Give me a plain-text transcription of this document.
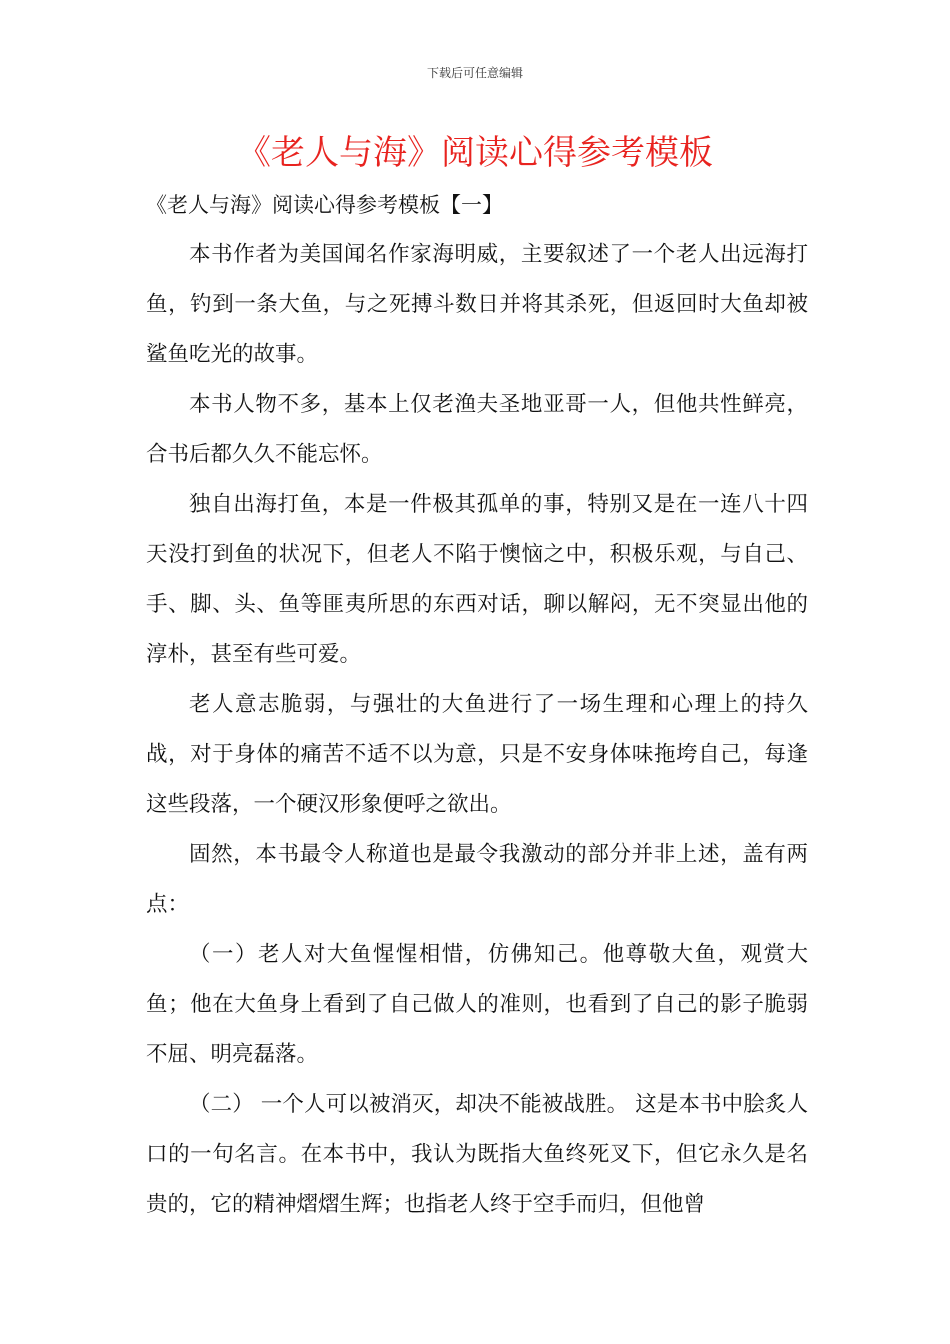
下载后可任意编辑
《老人与海》阅读心得参考模板

《老人与海》阅读心得参考模板【一】

本书作者为美国闻名作家海明威，主要叙述了一个老人出远海打鱼，钓到一条大鱼，与之死搏斗数日并将其杀死，但返回时大鱼却被鲨鱼吃光的故事。

本书人物不多，基本上仅老渔夫圣地亚哥一人，但他共性鲜亮，合书后都久久不能忘怀。

独自出海打鱼，本是一件极其孤单的事，特别又是在一连八十四天没打到鱼的状况下，但老人不陷于懊恼之中，积极乐观，与自己、手、脚、头、鱼等匪夷所思的东西对话，聊以解闷，无不突显出他的淳朴，甚至有些可爱。

老人意志脆弱，与强壮的大鱼进行了一场生理和心理上的持久战，对于身体的痛苦不适不以为意，只是不安身体味拖垮自己，每逢这些段落，一个硬汉形象便呼之欲出。

固然，本书最令人称道也是最令我激动的部分并非上述，盖有两点：

（一）老人对大鱼惺惺相惜，仿佛知己。他尊敬大鱼，观赏大鱼；他在大鱼身上看到了自己做人的准则，也看到了自己的影子脆弱不屈、明亮磊落。

（二） 一个人可以被消灭，却决不能被战胜。 这是本书中脍炙人口的一句名言。在本书中，我认为既指大鱼终死叉下，但它永久是名贵的，它的精神熠熠生辉；也指老人终于空手而归，但他曾
